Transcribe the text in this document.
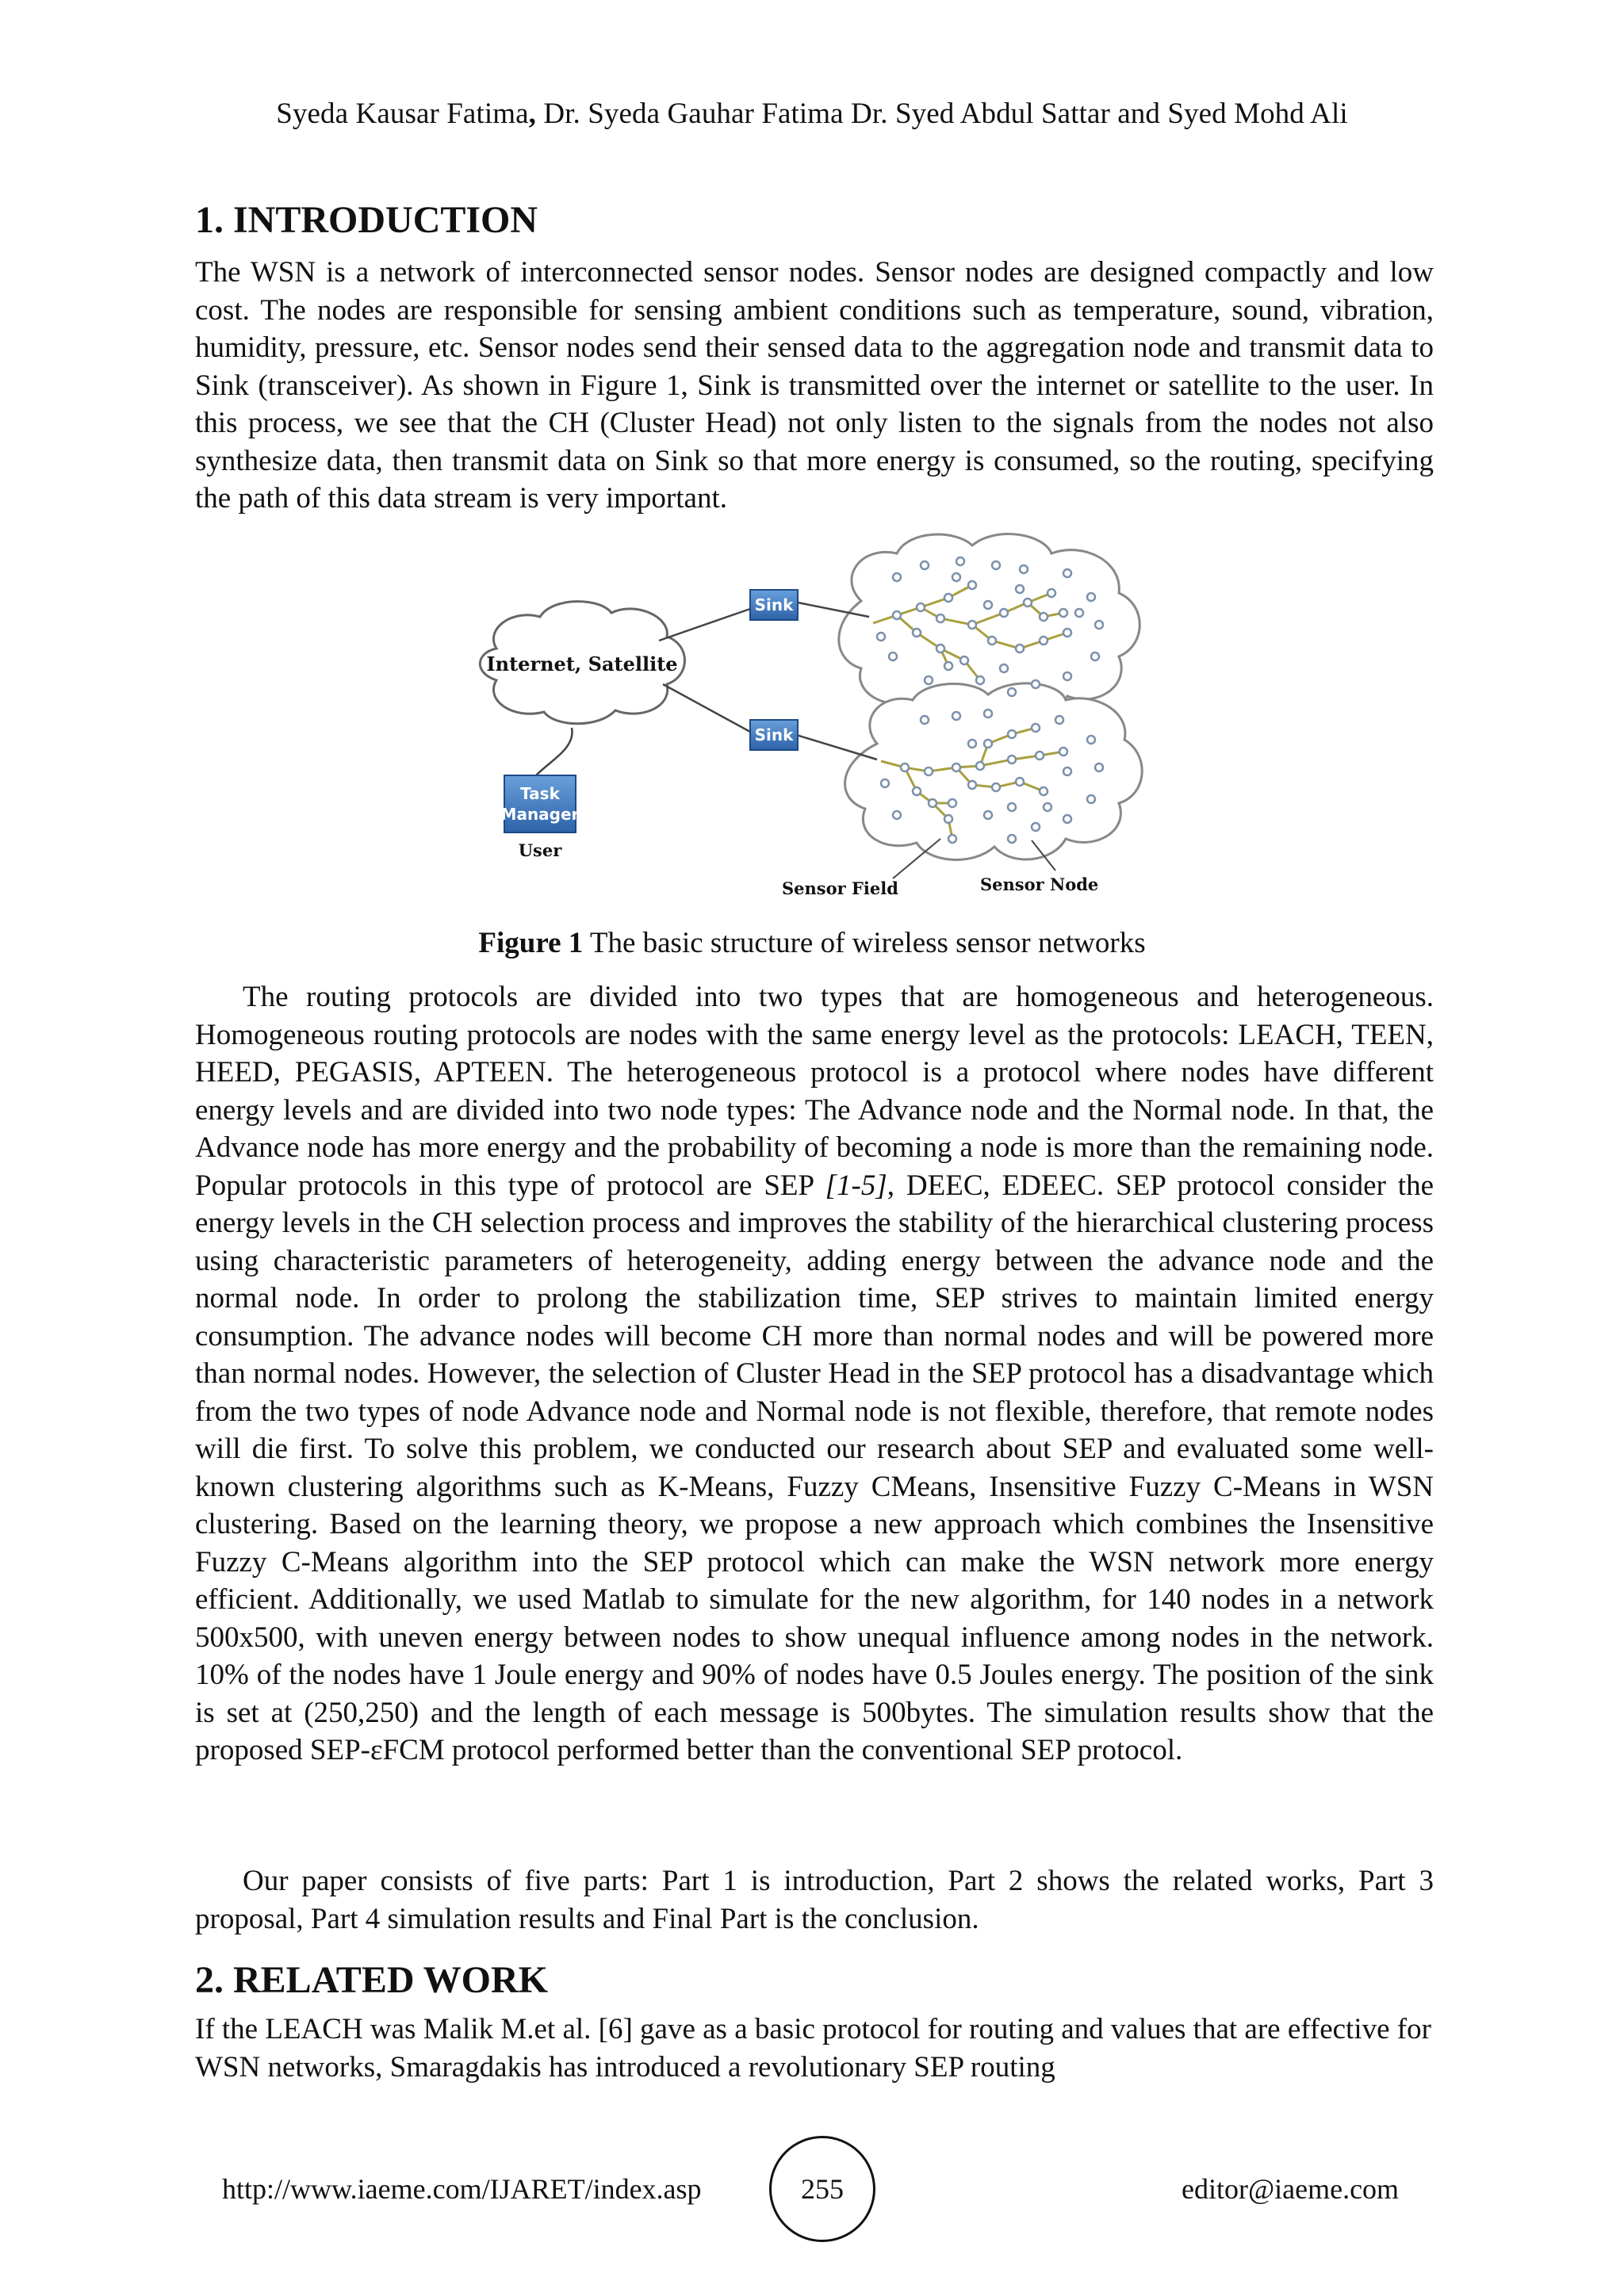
Syeda Kausar Fatima, Dr. Syeda Gauhar Fatima Dr. Syed Abdul Sattar and Syed Mohd Ali
1. INTRODUCTION

The WSN is a network of interconnected sensor nodes. Sensor nodes are designed compactly and low cost. The nodes are responsible for sensing ambient conditions such as temperature, sound, vibration, humidity, pressure, etc. Sensor nodes send their sensed data to the aggregation node and transmit data to Sink (transceiver). As shown in Figure 1, Sink is transmitted over the internet or satellite to the user. In this process, we see that the CH (Cluster Head) not only listen to the signals from the nodes not also synthesize data, then transmit data on Sink so that more energy is consumed, so the routing, specifying the path of this data stream is very important.

Internet, Satellite
Sink
Sink
Task
Manager
User
Sensor Field	Sensor Node
Figure 1 The basic structure of wireless sensor networks

The routing protocols are divided into two types that are homogeneous and heterogeneous. Homogeneous routing protocols are nodes with the same energy level as the protocols: LEACH, TEEN, HEED, PEGASIS, APTEEN. The heterogeneous protocol is a protocol where nodes have different energy levels and are divided into two node types: The Advance node and the Normal node. In that, the Advance node has more energy and the probability of becoming a node is more than the remaining node. Popular protocols in this type of protocol are SEP [1-5], DEEC, EDEEC. SEP protocol consider the energy levels in the CH selection process and improves the stability of the hierarchical clustering process using characteristic parameters of heterogeneity, adding energy between the advance node and the normal node. In order to prolong the stabilization time, SEP strives to maintain limited energy consumption. The advance nodes will become CH more than normal nodes and will be powered more than normal nodes. However, the selection of Cluster Head in the SEP protocol has a disadvantage which from the two types of node Advance node and Normal node is not flexible, therefore, that remote nodes will die first. To solve this problem, we conducted our research about SEP and evaluated some well-known clustering algorithms such as K-Means, Fuzzy CMeans, Insensitive Fuzzy C-Means in WSN clustering. Based on the learning theory, we propose a new approach which combines the Insensitive Fuzzy C-Means algorithm into the SEP protocol which can make the WSN network more energy efficient. Additionally, we used Matlab to simulate for the new algorithm, for 140 nodes in a network 500x500, with uneven energy between nodes to show unequal influence among nodes in the network. 10% of the nodes have 1 Joule energy and 90% of nodes have 0.5 Joules energy. The position of the sink is set at (250,250) and the length of each message is 500bytes. The simulation results show that the proposed SEP-εFCM protocol performed better than the conventional SEP protocol.

Our paper consists of five parts: Part 1 is introduction, Part 2 shows the related works, Part 3 proposal, Part 4 simulation results and Final Part is the conclusion.

2. RELATED WORK

If the LEACH was Malik M.et al. [6] gave as a basic protocol for routing and values that are effective for WSN networks, Smaragdakis has introduced a revolutionary SEP routing

http://www.iaeme.com/IJARET/index.asp	255	editor@iaeme.com
